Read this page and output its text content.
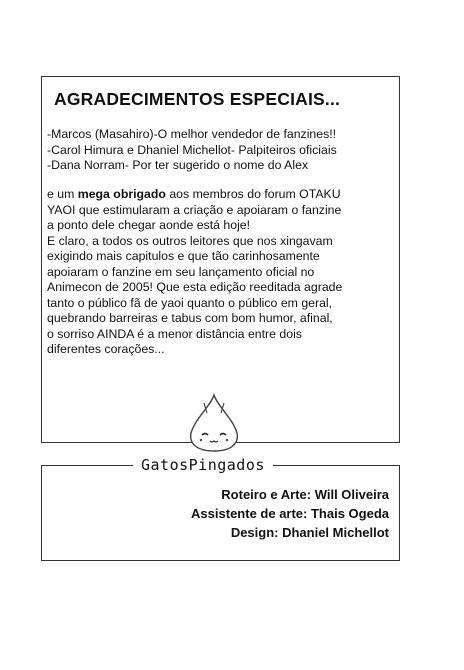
AGRADECIMENTOS ESPECIAIS...
-Marcos (Masahiro)-O melhor vendedor de fanzines!!
-Carol Himura e Dhaniel Michellot- Palpiteiros oficiais
-Dana Norram- Por ter sugerido o nome do Alex

e um mega obrigado aos membros do forum OTAKU
YAOI que estimularam a criação e apoiaram o fanzine
a ponto dele chegar aonde está hoje!
E claro, a todos os outros leitores que nos xingavam
exigindo mais capitulos e que tão carinhosamente
apoiaram o fanzine em seu lançamento oficial no
Animecon de 2005! Que esta edição reeditada agrade
tanto o público fã de yaoi quanto o público em geral,
quebrando barreiras e tabus com bom humor, afinal,
o sorriso AINDA é a menor distância entre dois
diferentes corações...

Roteiro e Arte: Will Oliveira
Assistente de arte: Thais Ogeda
Design: Dhaniel Michellot
GatosPingados
